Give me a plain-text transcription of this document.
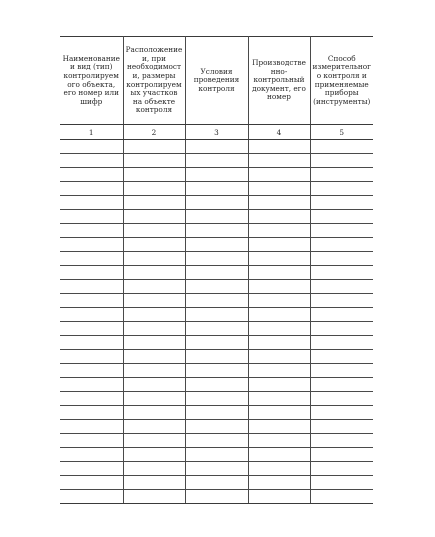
Наименование и вид (тип) контролируемого объекта, его номер или шифр	Расположение и, при необходимости, размеры контролируемых участков на объекте контроля	Условия проведения контроля	Производственно-контрольный документ, его номер	Способ измерительного контроля и применяемые приборы (инструменты)
1	2	3	4	5
